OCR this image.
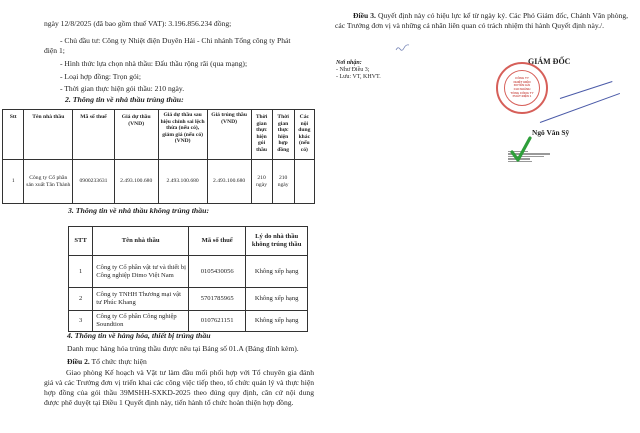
ngày 12/8/2025 (đã bao gồm thuế VAT): 3.196.856.234 đồng;
- Chủ đầu tư: Công ty Nhiệt điện Duyên Hải - Chi nhánh Tổng công ty Phát
điện 1;
- Hình thức lựa chọn nhà thầu: Đấu thầu rộng rãi (qua mạng);
- Loại hợp đồng: Trọn gói;
- Thời gian thực hiện gói thầu: 210 ngày.
2. Thông tin về nhà thầu trúng thầu:
Stt	Tên nhà thầu	Mã số thuế	Giá dự thầu (VND)	Giá dự thầu sau hiệu chỉnh sai lệch thừa (nếu có), giảm giá (nếu có) (VND)	Giá trúng thầu (VND)	Thời gian thực hiện gói thầu	Thời gian thực hiện hợp đồng	Các nội dung khác (nếu có)
1	Công ty Cổ phần sản xuất Tân Thành	0900233631	2.493.100.680	2.493.100.680	2.493.100.680	210 ngày	210 ngày	
3. Thông tin về nhà thầu không trúng thầu:
STT	Tên nhà thầu	Mã số thuế	Lý do nhà thầu không trúng thầu
1	Công ty Cổ phần vật tư và thiết bị Công nghiệp Dimo Việt Nam	0105430056	Không xếp hạng
2	Công ty TNHH Thương mại vật tư Phúc Khang	5701785965	Không xếp hạng
3	Công ty Cổ phần Công nghiệp Soundtion	0107621151	Không xếp hạng
4. Thông tin về hàng hóa, thiết bị trúng thầu
Danh mục hàng hóa trúng thầu được nêu tại Bảng số 01.A (Bảng đính kèm).
Điều 2. Tổ chức thực hiện
Giao phòng Kế hoạch và Vật tư làm đầu mối phối hợp với Tổ chuyên gia đánh giá và các Trưởng đơn vị triển khai các công việc tiếp theo, tổ chức quản lý và thực hiện hợp đồng của gói thầu 39MSHH-SXKD-2025 theo đúng quy định, căn cứ nội dung được phê duyệt tại Điều 1 Quyết định này, tiến hành tổ chức hoàn thiện hợp đồng.
Điều 3. Quyết định này có hiệu lực kể từ ngày ký. Các Phó Giám đốc, Chánh Văn phòng, các Trưởng đơn vị và những cá nhân liên quan có trách nhiệm thi hành Quyết định này./.
Nơi nhận:
- Như Điều 3;
- Lưu: VT, KHVT.
GIÁM ĐỐC
CÔNG TY
NHIỆT ĐIỆN
DUYÊN HẢI
CHI NHÁNH
TỔNG CÔNG TY
PHÁT ĐIỆN 1
Ngô Văn Sỹ
